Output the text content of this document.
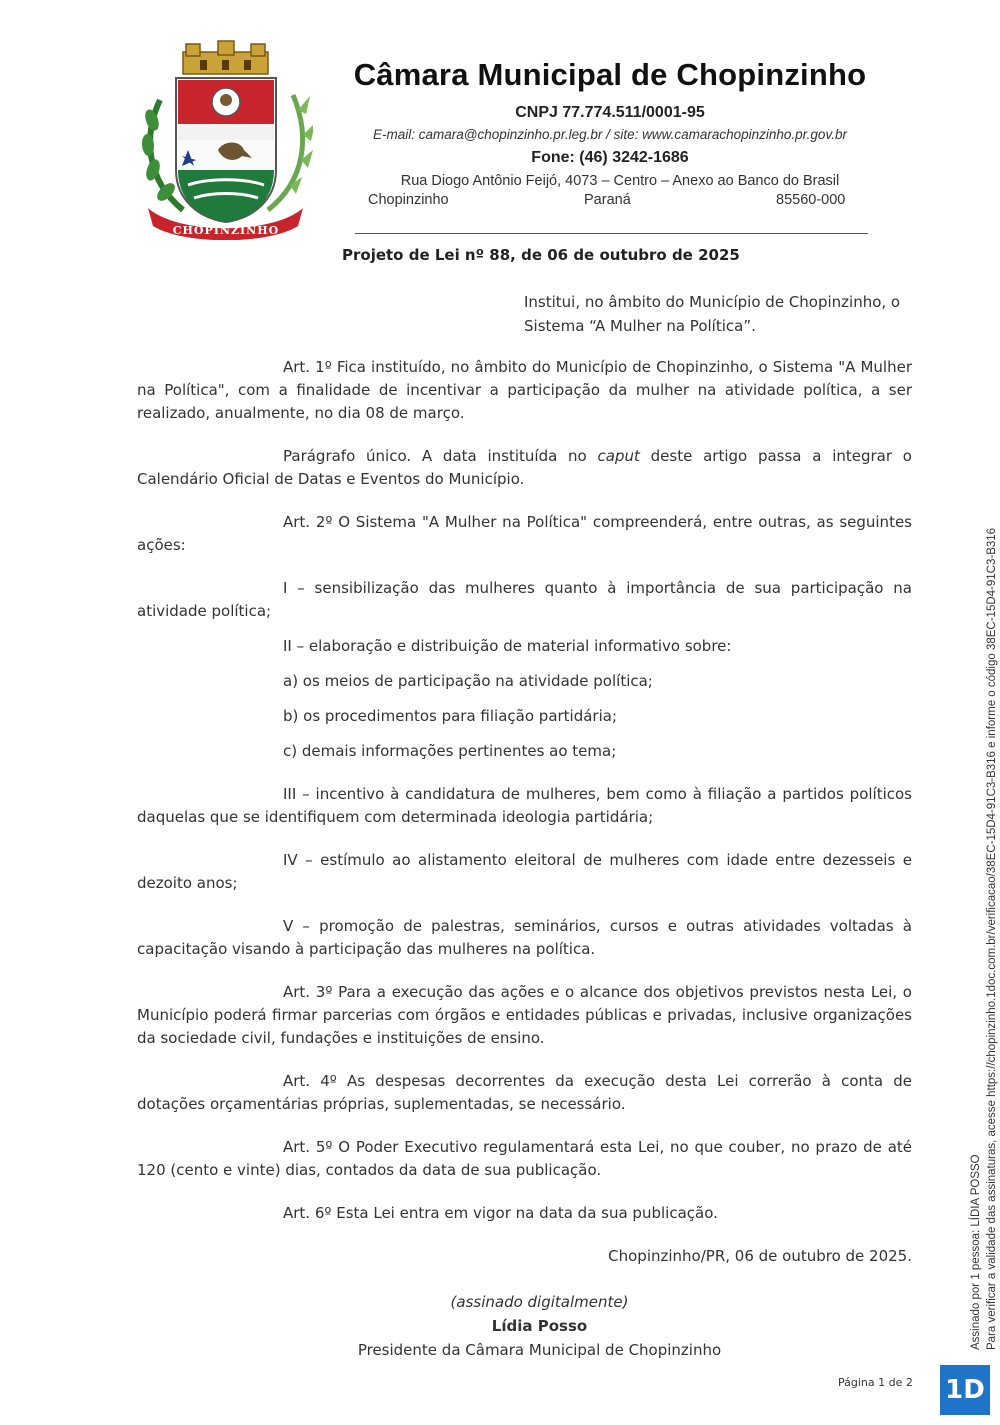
CHOPINZINHO
Câmara Municipal de Chopinzinho
CNPJ 77.774.511/0001-95
E-mail: camara@chopinzinho.pr.leg.br / site: www.camarachopinzinho.pr.gov.br
Fone: (46) 3242-1686
Rua Diogo Antônio Feijó, 4073 – Centro – Anexo ao Banco do Brasil
Chopinzinho	Paraná	85560-000
Projeto de Lei nº 88, de 06 de outubro de 2025
Institui, no âmbito do Município de Chopinzinho, o Sistema “A Mulher na Política”.

Art. 1º Fica instituído, no âmbito do Município de Chopinzinho, o Sistema "A Mulher na Política", com a finalidade de incentivar a participação da mulher na atividade política, a ser realizado, anualmente, no dia 08 de março.

Parágrafo único. A data instituída no caput deste artigo passa a integrar o Calendário Oficial de Datas e Eventos do Município.

Art. 2º O Sistema "A Mulher na Política" compreenderá, entre outras, as seguintes ações:

I – sensibilização das mulheres quanto à importância de sua participação na atividade política;

II – elaboração e distribuição de material informativo sobre:

a) os meios de participação na atividade política;

b) os procedimentos para filiação partidária;

c) demais informações pertinentes ao tema;

III – incentivo à candidatura de mulheres, bem como à filiação a partidos políticos daquelas que se identifiquem com determinada ideologia partidária;

IV – estímulo ao alistamento eleitoral de mulheres com idade entre dezesseis e dezoito anos;

V – promoção de palestras, seminários, cursos e outras atividades voltadas à capacitação visando à participação das mulheres na política.

Art. 3º Para a execução das ações e o alcance dos objetivos previstos nesta Lei, o Município poderá firmar parcerias com órgãos e entidades públicas e privadas, inclusive organizações da sociedade civil, fundações e instituições de ensino.

Art. 4º As despesas decorrentes da execução desta Lei correrão à conta de dotações orçamentárias próprias, suplementadas, se necessário.

Art. 5º O Poder Executivo regulamentará esta Lei, no que couber, no prazo de até 120 (cento e vinte) dias, contados da data de sua publicação.

Art. 6º Esta Lei entra em vigor na data da sua publicação.

Chopinzinho/PR, 06 de outubro de 2025.

(assinado digitalmente)
Lídia Posso
Presidente da Câmara Municipal de Chopinzinho
Página 1 de 2
Assinado por 1 pessoa: LÍDIA POSSO Para verificar a validade das assinaturas, acesse https://chopinzinho.1doc.com.br/verificacao/38EC-15D4-91C3-B316 e informe o código 38EC-15D4-91C3-B316
1D
